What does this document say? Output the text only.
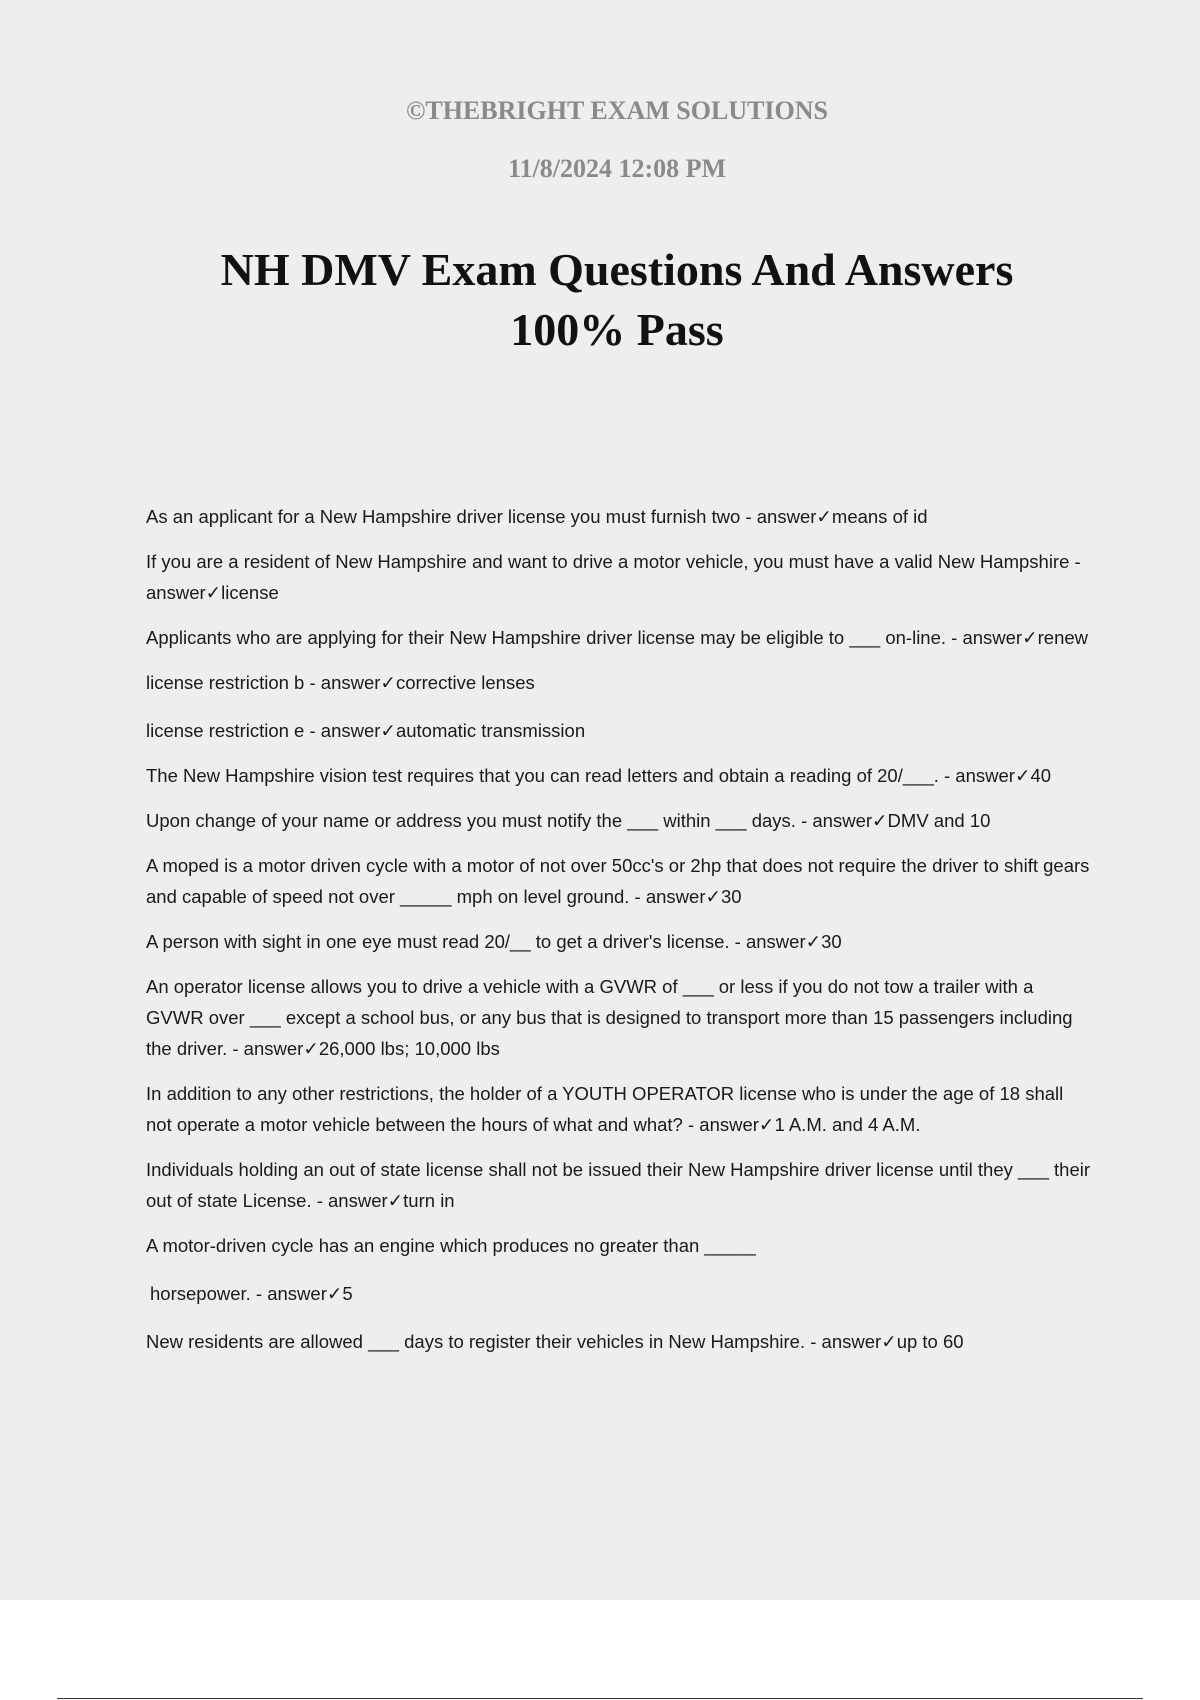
©THEBRIGHT EXAM SOLUTIONS
11/8/2024 12:08 PM
NH DMV Exam Questions And Answers
100% Pass
As an applicant for a New Hampshire driver license you must furnish two - answer✓means of id
If you are a resident of New Hampshire and want to drive a motor vehicle, you must have a valid New Hampshire - answer✓license
Applicants who are applying for their New Hampshire driver license may be eligible to ___ on-line. - answer✓renew
license restriction b - answer✓corrective lenses
license restriction e - answer✓automatic transmission
The New Hampshire vision test requires that you can read letters and obtain a reading of 20/___. - answer✓40
Upon change of your name or address you must notify the ___ within ___ days. - answer✓DMV and 10
A moped is a motor driven cycle with a motor of not over 50cc's or 2hp that does not require the driver to shift gears and capable of speed not over _____ mph on level ground. - answer✓30
A person with sight in one eye must read 20/__ to get a driver's license. - answer✓30
An operator license allows you to drive a vehicle with a GVWR of ___ or less if you do not tow a trailer with a GVWR over ___ except a school bus, or any bus that is designed to transport more than 15 passengers including the driver. - answer✓26,000 lbs; 10,000 lbs
In addition to any other restrictions, the holder of a YOUTH OPERATOR license who is under the age of 18 shall not operate a motor vehicle between the hours of what and what? - answer✓1 A.M. and 4 A.M.
Individuals holding an out of state license shall not be issued their New Hampshire driver license until they ___ their out of state License. - answer✓turn in
A motor-driven cycle has an engine which produces no greater than _____
horsepower. - answer✓5
New residents are allowed ___ days to register their vehicles in New Hampshire. - answer✓up to 60
